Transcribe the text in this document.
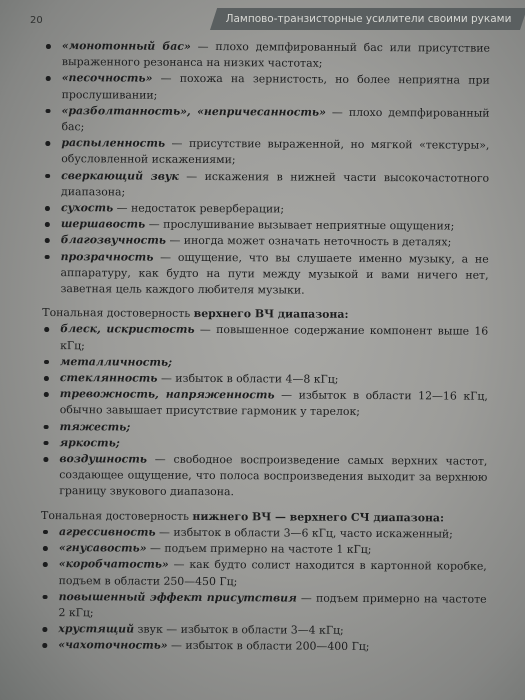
20	Лампово-транзисторные усилители своими руками
«монотонный бас» — плохо демпфированный бас или присутствие выраженного резонанса на низких частотах;
«песочность» — похожа на зернистость, но более неприятна при прослушивании;
«разболтанность», «непричесанность» — плохо демпфированный бас;
распыленность — присутствие выраженной, но мягкой «текстуры», обусловленной искажениями;
сверкающий звук — искажения в нижней части высокочастотного диапазона;
сухость — недостаток реверберации;
шершавость — прослушивание вызывает неприятные ощущения;
благозвучность — иногда может означать неточность в деталях;
прозрачность — ощущение, что вы слушаете именно музыку, а не аппаратуру, как будто на пути между музыкой и вами ничего нет, заветная цель каждого любителя музыки.

Тональная достоверность верхнего ВЧ диапазона:

блеск, искристость — повышенное содержание компонент выше 16 кГц;
металличность;
стеклянность — избыток в области 4—8 кГц;
тревожность, напряженность — избыток в области 12—16 кГц, обычно завышает присутствие гармоник у тарелок;
тяжесть;
яркость;
воздушность — свободное воспроизведение самых верхних частот, создающее ощущение, что полоса воспроизведения выходит за верхнюю границу звукового диапазона.

Тональная достоверность нижнего ВЧ — верхнего СЧ диапазона:

агрессивность — избыток в области 3—6 кГц, часто искаженный;
«гнусавость» — подъем примерно на частоте 1 кГц;
«коробчатость» — как будто солист находится в картонной коробке, подъем в области 250—450 Гц;
повышенный эффект присутствия — подъем примерно на частоте 2 кГц;
хрустящий звук — избыток в области 3—4 кГц;
«чахоточность» — избыток в области 200—400 Гц;
